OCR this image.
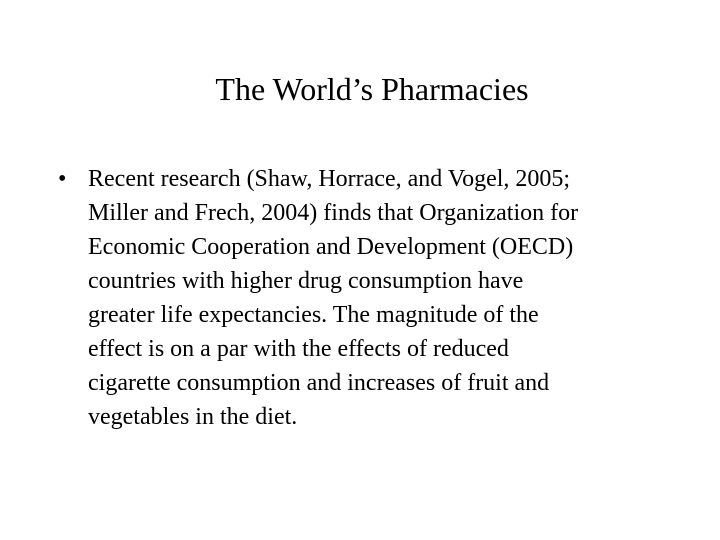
The World’s Pharmacies
• Recent research (Shaw, Horrace, and Vogel, 2005;
Miller and Frech, 2004) finds that Organization for
Economic Cooperation and Development (OECD)
countries with higher drug consumption have
greater life expectancies. The magnitude of the
effect is on a par with the effects of reduced
cigarette consumption and increases of fruit and
vegetables in the diet.
